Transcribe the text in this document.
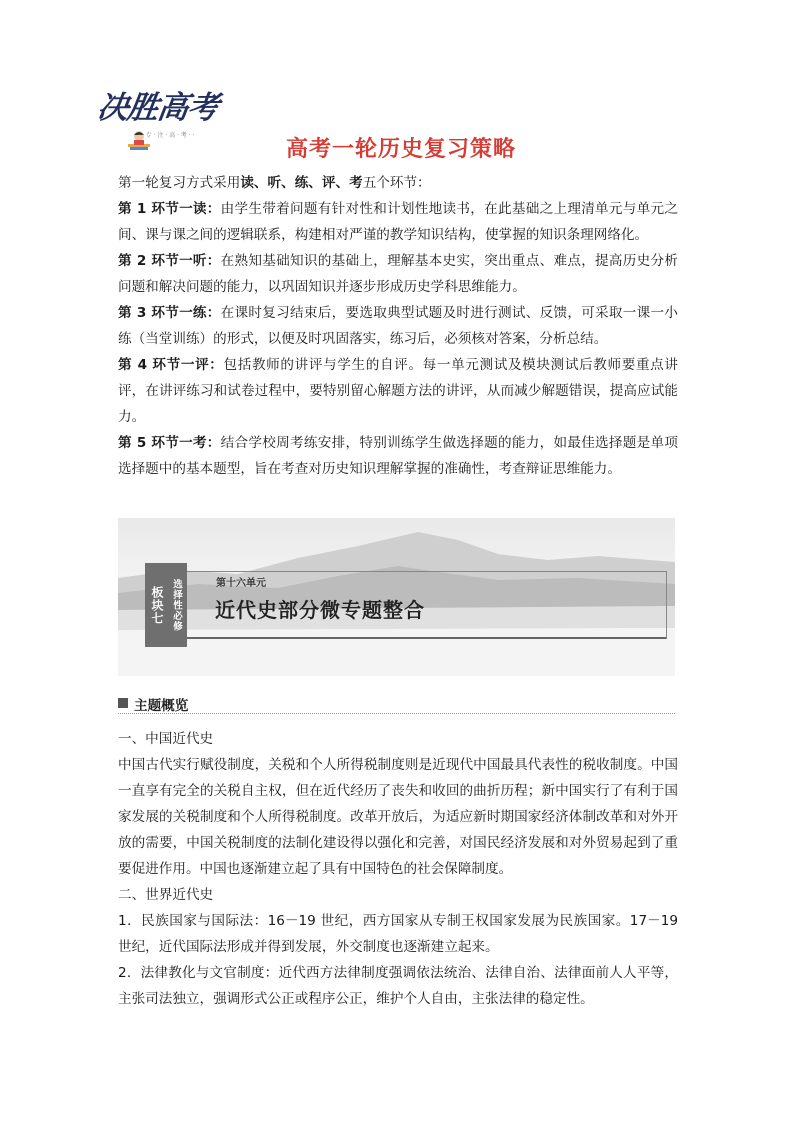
决胜高考
· · 专 · 注 · 高 · 考 · ·
高考一轮历史复习策略

第一轮复习方式采用读、听、练、评、考五个环节：

第 1 环节一读：由学生带着问题有针对性和计划性地读书，在此基础之上理清单元与单元之间、课与课之间的逻辑联系，构建相对严谨的教学知识结构，使掌握的知识条理网络化。

第 2 环节一听：在熟知基础知识的基础上，理解基本史实，突出重点、难点，提高历史分析问题和解决问题的能力，以巩固知识并逐步形成历史学科思维能力。

第 3 环节一练：在课时复习结束后，要选取典型试题及时进行测试、反馈，可采取一课一小练（当堂训练）的形式，以便及时巩固落实，练习后，必须核对答案，分析总结。

第 4 环节一评：包括教师的讲评与学生的自评。每一单元测试及模块测试后教师要重点讲评，在讲评练习和试卷过程中，要特别留心解题方法的讲评，从而减少解题错误，提高应试能力。

第 5 环节一考：结合学校周考练安排，特别训练学生做选择题的能力，如最佳选择题是单项选择题中的基本题型，旨在考查对历史知识理解掌握的准确性，考查辩证思维能力。

板块七 选择性必修	第十六单元
近代史部分微专题整合
主题概览

一、中国近代史

中国古代实行赋役制度，关税和个人所得税制度则是近现代中国最具代表性的税收制度。中国一直享有完全的关税自主权，但在近代经历了丧失和收回的曲折历程；新中国实行了有利于国家发展的关税制度和个人所得税制度。改革开放后，为适应新时期国家经济体制改革和对外开放的需要，中国关税制度的法制化建设得以强化和完善，对国民经济发展和对外贸易起到了重要促进作用。中国也逐渐建立起了具有中国特色的社会保障制度。

二、世界近代史

1．民族国家与国际法：16－19 世纪，西方国家从专制王权国家发展为民族国家。17－19 世纪，近代国际法形成并得到发展，外交制度也逐渐建立起来。

2．法律教化与文官制度：近代西方法律制度强调依法统治、法律自治、法律面前人人平等，主张司法独立，强调形式公正或程序公正，维护个人自由，主张法律的稳定性。
